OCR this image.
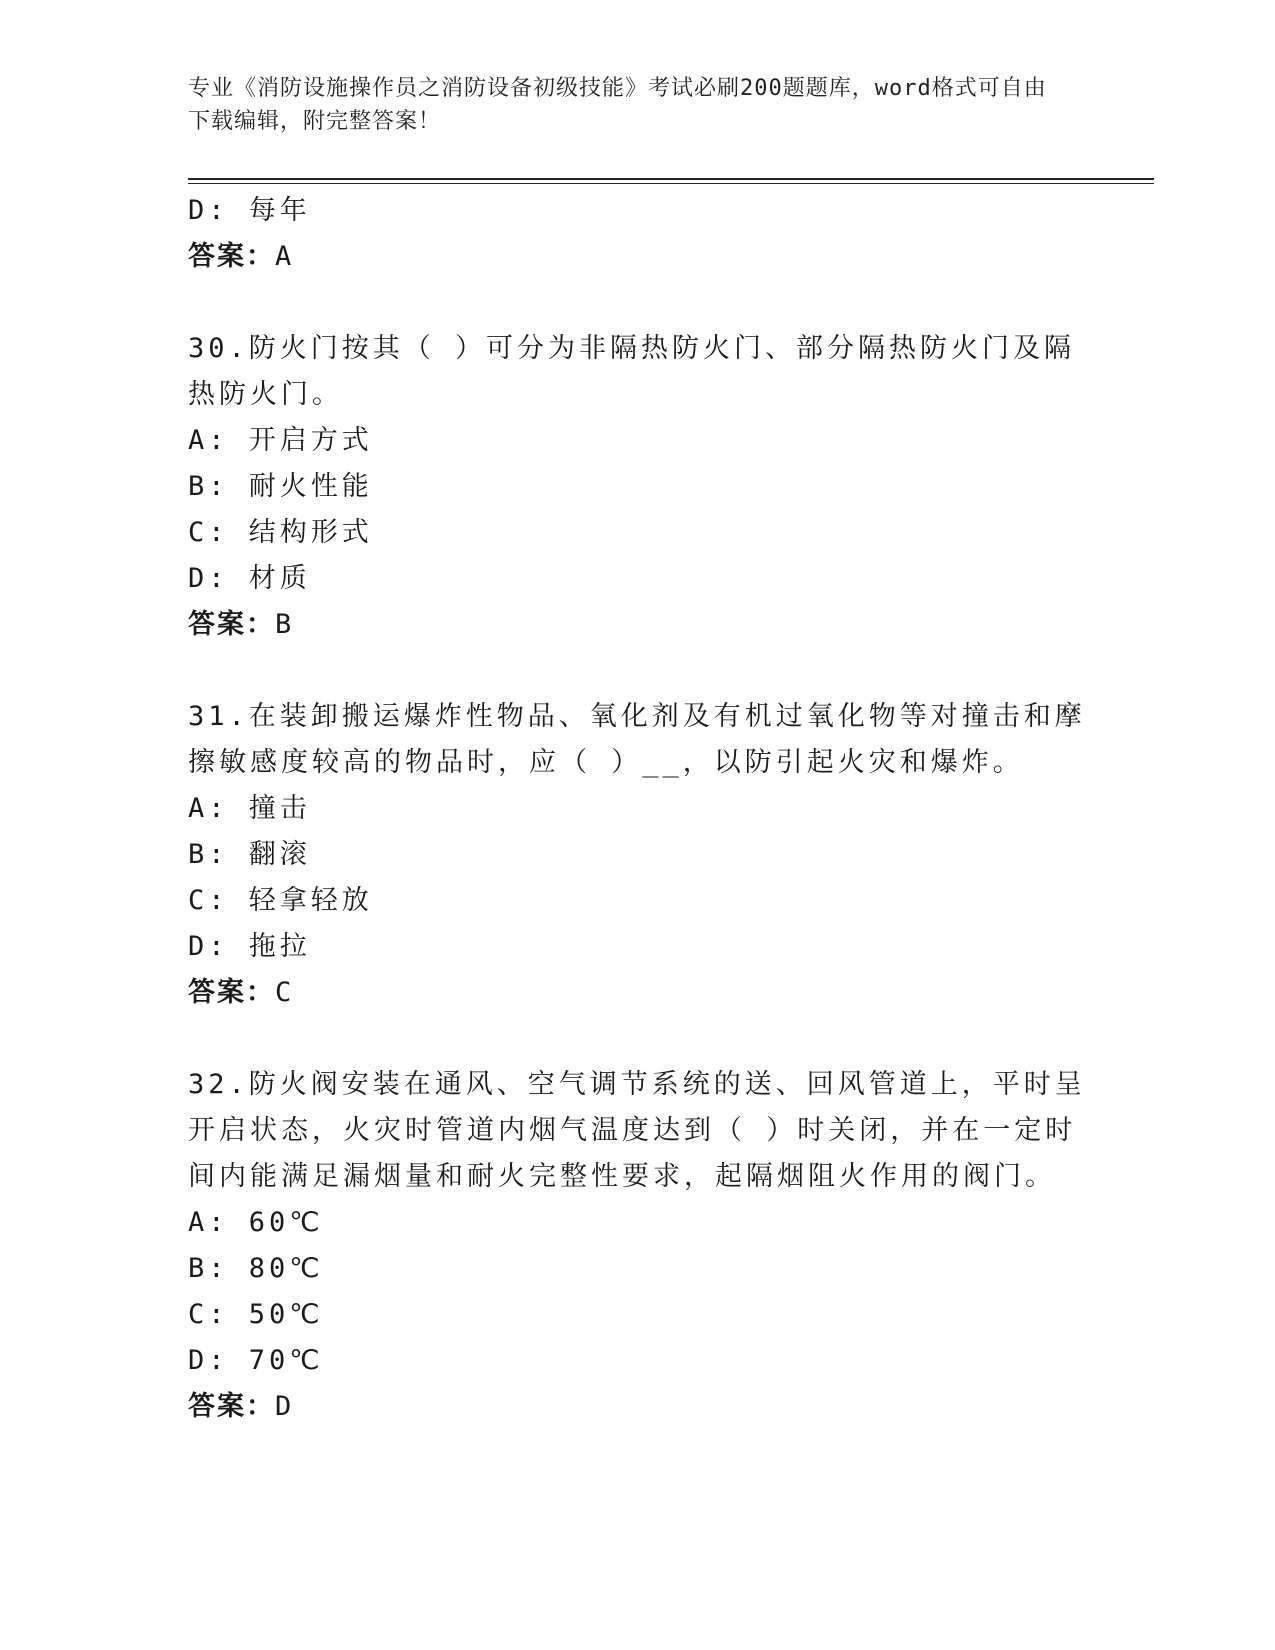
专业《消防设施操作员之消防设备初级技能》考试必刷200题题库，word格式可自由下载编辑，附完整答案！
D: 每年
答案：A
30.防火门按其（ ）可分为非隔热防火门、部分隔热防火门及隔热防火门。
A: 开启方式
B: 耐火性能
C: 结构形式
D: 材质
答案：B
31.在装卸搬运爆炸性物品、氧化剂及有机过氧化物等对撞击和摩擦敏感度较高的物品时，应（ ）__，以防引起火灾和爆炸。
A: 撞击
B: 翻滚
C: 轻拿轻放
D: 拖拉
答案：C
32.防火阀安装在通风、空气调节系统的送、回风管道上，平时呈开启状态，火灾时管道内烟气温度达到（ ）时关闭，并在一定时间内能满足漏烟量和耐火完整性要求，起隔烟阻火作用的阀门。
A: 60℃
B: 80℃
C: 50℃
D: 70℃
答案：D
